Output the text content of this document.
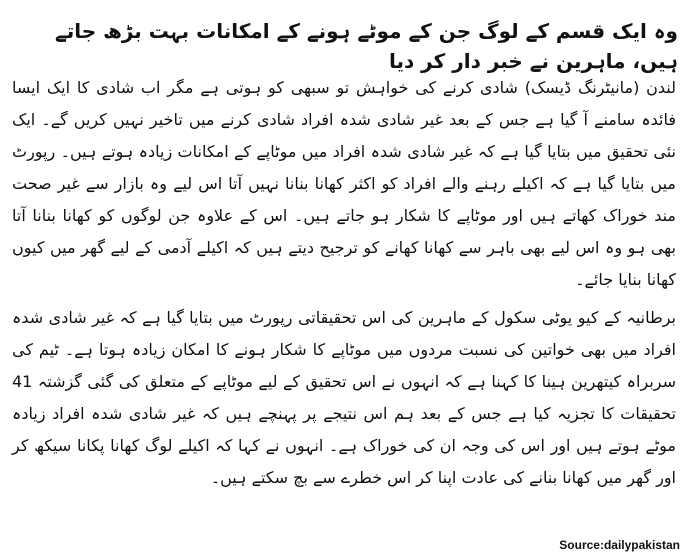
وہ ایک قسم کے لوگ جن کے موٹے ہونے کے امکانات بہت بڑھ جاتے ہیں، ماہرین نے خبر دار کر دیا
لندن (مانیٹرنگ ڈیسک) شادی کرنے کی خواہش تو سبھی کو ہوتی ہے مگر اب شادی کا ایک ایسا فائدہ سامنے آ گیا ہے جس کے بعد غیر شادی شدہ افراد شادی کرنے میں تاخیر نہیں کریں گے۔ ایک نئی تحقیق میں بتایا گیا ہے کہ غیر شادی شدہ افراد میں موٹاپے کے امکانات زیادہ ہوتے ہیں۔ رپورٹ میں بتایا گیا ہے کہ اکیلے رہنے والے افراد کو اکثر کھانا بنانا نہیں آتا اس لیے وہ بازار سے غیر صحت مند خوراک کھاتے ہیں اور موٹاپے کا شکار ہو جاتے ہیں۔ اس کے علاوہ جن لوگوں کو کھانا بنانا آتا بھی ہو وہ اس لیے بھی باہر سے کھانا کھانے کو ترجیح دیتے ہیں کہ اکیلے آدمی کے لیے گھر میں کیوں کھانا بنایا جائے۔
برطانیہ کے کیو یوٹی سکول کے ماہرین کی اس تحقیقاتی رپورٹ میں بتایا گیا ہے کہ غیر شادی شدہ افراد میں بھی خواتین کی نسبت مردوں میں موٹاپے کا شکار ہونے کا امکان زیادہ ہوتا ہے۔ ٹیم کی سربراہ کیتھرین ہینا کا کہنا ہے کہ انہوں نے اس تحقیق کے لیے موٹاپے کے متعلق کی گئی گزشتہ 41 تحقیقات کا تجزیہ کیا ہے جس کے بعد ہم اس نتیجے پر پہنچے ہیں کہ غیر شادی شدہ افراد زیادہ موٹے ہوتے ہیں اور اس کی وجہ ان کی خوراک ہے۔ انہوں نے کہا کہ اکیلے لوگ کھانا پکانا سیکھ کر اور گھر میں کھانا بنانے کی عادت اپنا کر اس خطرے سے بچ سکتے ہیں۔
Source:dailypakistan
